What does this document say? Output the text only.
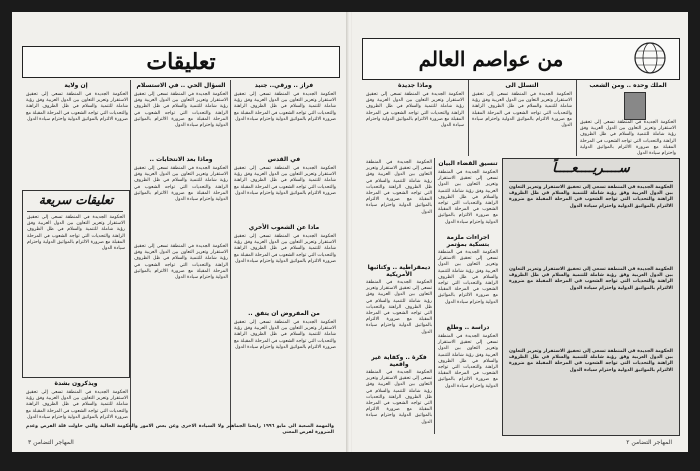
تعليقات
فراز .. ورقي.. جنيد
الحكومة الجديدة في المنطقة تسعى إلى تحقيق الاستقرار وتعزيز التعاون بين الدول العربية وفق رؤية شاملة للتنمية والسلام في ظل الظروف الراهنة والتحديات التي تواجه الشعوب في المرحلة المقبلة مع ضرورة الالتزام بالمواثيق الدولية واحترام سيادة الدول
في القدس
الحكومة الجديدة في المنطقة تسعى إلى تحقيق الاستقرار وتعزيز التعاون بين الدول العربية وفق رؤية شاملة للتنمية والسلام في ظل الظروف الراهنة والتحديات التي تواجه الشعوب في المرحلة المقبلة مع ضرورة الالتزام بالمواثيق الدولية واحترام سيادة الدول
مادا عن الشعوب الأخري
الحكومة الجديدة في المنطقة تسعى إلى تحقيق الاستقرار وتعزيز التعاون بين الدول العربية وفق رؤية شاملة للتنمية والسلام في ظل الظروف الراهنة والتحديات التي تواجه الشعوب في المرحلة المقبلة مع ضرورة الالتزام بالمواثيق الدولية واحترام سيادة الدول
من المفروض ان يتفق ..
الحكومة الجديدة في المنطقة تسعى إلى تحقيق الاستقرار وتعزيز التعاون بين الدول العربية وفق رؤية شاملة للتنمية والسلام في ظل الظروف الراهنة والتحديات التي تواجه الشعوب في المرحلة المقبلة مع ضرورة الالتزام بالمواثيق الدولية واحترام سيادة الدول
السؤال الحي .. في الاستسلام
الحكومة الجديدة في المنطقة تسعى إلى تحقيق الاستقرار وتعزيز التعاون بين الدول العربية وفق رؤية شاملة للتنمية والسلام في ظل الظروف الراهنة والتحديات التي تواجه الشعوب في المرحلة المقبلة مع ضرورة الالتزام بالمواثيق الدولية واحترام سيادة الدول
وماذا بعد الانتخابات ..
الحكومة الجديدة في المنطقة تسعى إلى تحقيق الاستقرار وتعزيز التعاون بين الدول العربية وفق رؤية شاملة للتنمية والسلام في ظل الظروف الراهنة والتحديات التي تواجه الشعوب في المرحلة المقبلة مع ضرورة الالتزام بالمواثيق الدولية واحترام سيادة الدول
الحكومة الجديدة في المنطقة تسعى إلى تحقيق الاستقرار وتعزيز التعاون بين الدول العربية وفق رؤية شاملة للتنمية والسلام في ظل الظروف الراهنة والتحديات التي تواجه الشعوب في المرحلة المقبلة مع ضرورة الالتزام بالمواثيق الدولية واحترام سيادة الدول
إن ولاية
الحكومة الجديدة في المنطقة تسعى إلى تحقيق الاستقرار وتعزيز التعاون بين الدول العربية وفق رؤية شاملة للتنمية والسلام في ظل الظروف الراهنة والتحديات التي تواجه الشعوب في المرحلة المقبلة مع ضرورة الالتزام بالمواثيق الدولية واحترام سيادة الدول
تعليقات سريعة
الحكومة الجديدة في المنطقة تسعى إلى تحقيق الاستقرار وتعزيز التعاون بين الدول العربية وفق رؤية شاملة للتنمية والسلام في ظل الظروف الراهنة والتحديات التي تواجه الشعوب في المرحلة المقبلة مع ضرورة الالتزام بالمواثيق الدولية واحترام سيادة الدول
ويذكرون بشدة
الحكومة الجديدة في المنطقة تسعى إلى تحقيق الاستقرار وتعزيز التعاون بين الدول العربية وفق رؤية شاملة للتنمية والسلام في ظل الظروف الراهنة والتحديات التي تواجه الشعوب في المرحلة المقبلة مع ضرورة الالتزام بالمواثيق الدولية واحترام سيادة الدول
والمهمة الصعبة الى مايو ١٩٩٦ رايحنا الجماهير ولا السيادة الاخرى وعن بعض الامور والحكومة الحالية والتي حاولت قلة الفرص وعدم الضرورة لفرض المعنى
المهاجر التضامن ٣
من عواصم العالم
الملك وحده .. ومن الشعب
الحكومة الجديدة في المنطقة تسعى إلى تحقيق الاستقرار وتعزيز التعاون بين الدول العربية وفق رؤية شاملة للتنمية والسلام في ظل الظروف الراهنة والتحديات التي تواجه الشعوب في المرحلة المقبلة مع ضرورة الالتزام بالمواثيق الدولية واحترام سيادة الدول
التسلل الى
الحكومة الجديدة في المنطقة تسعى إلى تحقيق الاستقرار وتعزيز التعاون بين الدول العربية وفق رؤية شاملة للتنمية والسلام في ظل الظروف الراهنة والتحديات التي تواجه الشعوب في المرحلة المقبلة مع ضرورة الالتزام بالمواثيق الدولية واحترام سيادة الدول
وماذا جديدة
الحكومة الجديدة في المنطقة تسعى إلى تحقيق الاستقرار وتعزيز التعاون بين الدول العربية وفق رؤية شاملة للتنمية والسلام في ظل الظروف الراهنة والتحديات التي تواجه الشعوب في المرحلة المقبلة مع ضرورة الالتزام بالمواثيق الدولية واحترام سيادة الدول
ســــريــــعــــاً
الحكومة الجديدة في المنطقة تسعى إلى تحقيق الاستقرار وتعزيز التعاون بين الدول العربية وفق رؤية شاملة للتنمية والسلام في ظل الظروف الراهنة والتحديات التي تواجه الشعوب في المرحلة المقبلة مع ضرورة الالتزام بالمواثيق الدولية واحترام سيادة الدول
الحكومة الجديدة في المنطقة تسعى إلى تحقيق الاستقرار وتعزيز التعاون بين الدول العربية وفق رؤية شاملة للتنمية والسلام في ظل الظروف الراهنة والتحديات التي تواجه الشعوب في المرحلة المقبلة مع ضرورة الالتزام بالمواثيق الدولية واحترام سيادة الدول
الحكومة الجديدة في المنطقة تسعى إلى تحقيق الاستقرار وتعزيز التعاون بين الدول العربية وفق رؤية شاملة للتنمية والسلام في ظل الظروف الراهنة والتحديات التي تواجه الشعوب في المرحلة المقبلة مع ضرورة الالتزام بالمواثيق الدولية واحترام سيادة الدول
تنسيق القضاء البيان
الحكومة الجديدة في المنطقة تسعى إلى تحقيق الاستقرار وتعزيز التعاون بين الدول العربية وفق رؤية شاملة للتنمية والسلام في ظل الظروف الراهنة والتحديات التي تواجه الشعوب في المرحلة المقبلة مع ضرورة الالتزام بالمواثيق الدولية واحترام سيادة الدول
اجراءات ملزمة بتسكية بمؤتمر
الحكومة الجديدة في المنطقة تسعى إلى تحقيق الاستقرار وتعزيز التعاون بين الدول العربية وفق رؤية شاملة للتنمية والسلام في ظل الظروف الراهنة والتحديات التي تواجه الشعوب في المرحلة المقبلة مع ضرورة الالتزام بالمواثيق الدولية واحترام سيادة الدول
دراسة .. وطلع
الحكومة الجديدة في المنطقة تسعى إلى تحقيق الاستقرار وتعزيز التعاون بين الدول العربية وفق رؤية شاملة للتنمية والسلام في ظل الظروف الراهنة والتحديات التي تواجه الشعوب في المرحلة المقبلة مع ضرورة الالتزام بالمواثيق الدولية واحترام سيادة الدول
الحكومة الجديدة في المنطقة تسعى إلى تحقيق الاستقرار وتعزيز التعاون بين الدول العربية وفق رؤية شاملة للتنمية والسلام في ظل الظروف الراهنة والتحديات التي تواجه الشعوب في المرحلة المقبلة مع ضرورة الالتزام بالمواثيق الدولية واحترام سيادة الدول
ديمقراطية .. وكتائبها الأمريكية
الحكومة الجديدة في المنطقة تسعى إلى تحقيق الاستقرار وتعزيز التعاون بين الدول العربية وفق رؤية شاملة للتنمية والسلام في ظل الظروف الراهنة والتحديات التي تواجه الشعوب في المرحلة المقبلة مع ضرورة الالتزام بالمواثيق الدولية واحترام سيادة الدول
فكرة .. وكفاية غير واقعية
الحكومة الجديدة في المنطقة تسعى إلى تحقيق الاستقرار وتعزيز التعاون بين الدول العربية وفق رؤية شاملة للتنمية والسلام في ظل الظروف الراهنة والتحديات التي تواجه الشعوب في المرحلة المقبلة مع ضرورة الالتزام بالمواثيق الدولية واحترام سيادة الدول
المهاجر التضامن ٢
